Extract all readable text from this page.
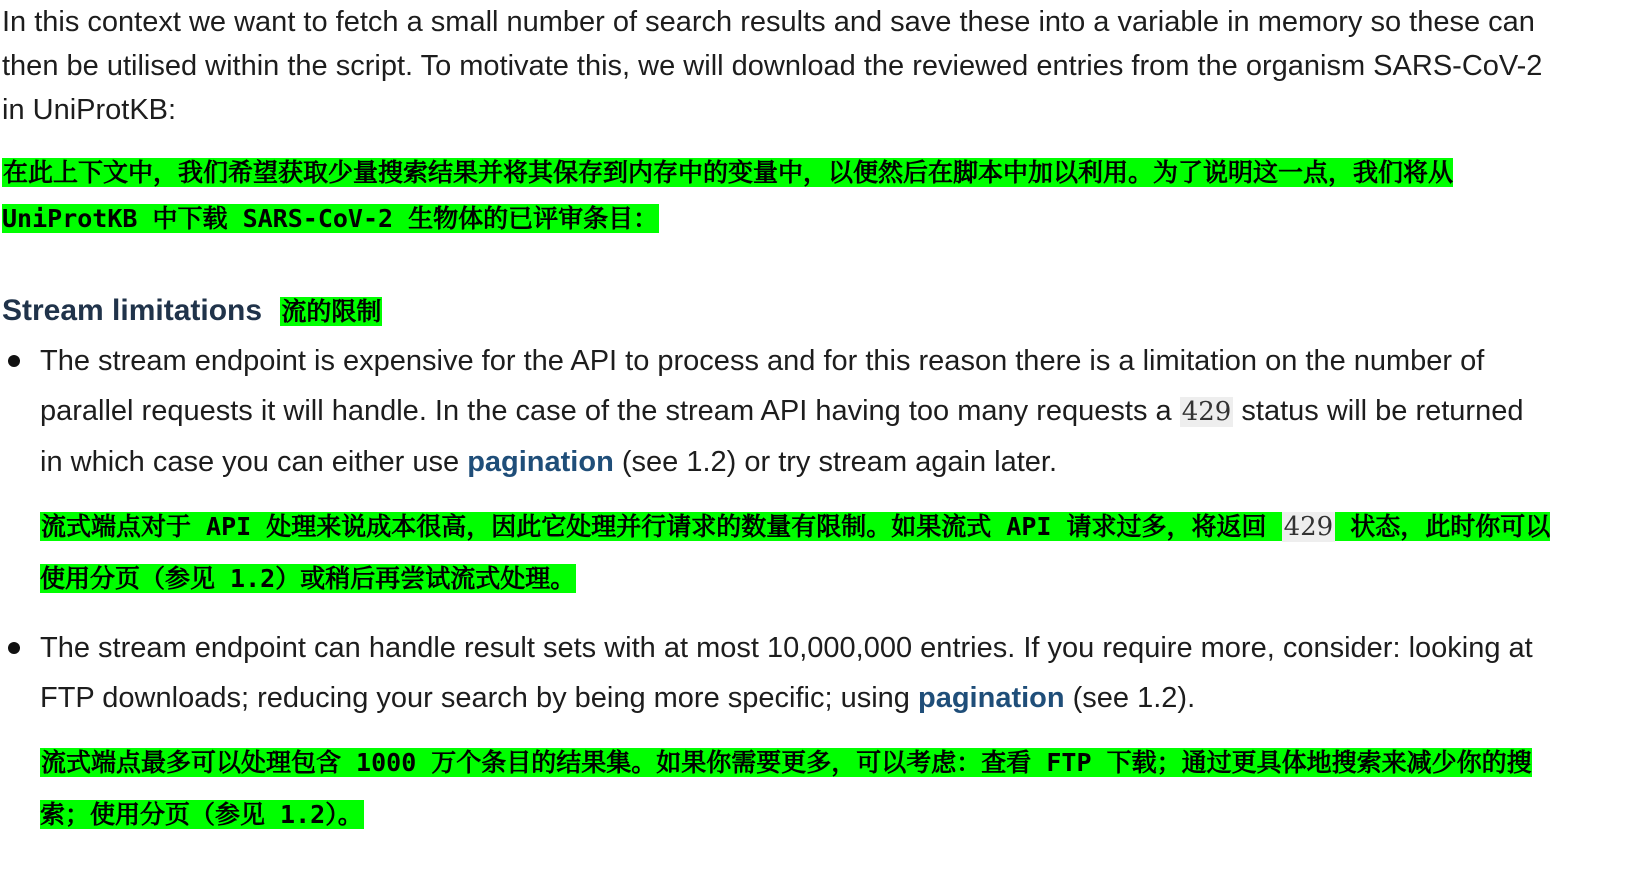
In this context we want to fetch a small number of search results and save these into a variable in memory so these can then be utilised within the script. To motivate this, we will download the reviewed entries from the organism SARS-CoV-2 in UniProtKB:

在此上下文中，我们希望获取少量搜索结果并将其保存到内存中的变量中，以便然后在脚本中加以利用。为了说明这一点，我们将从 UniProtKB 中下载 SARS-CoV-2 生物体的已评审条目：

Stream limitations 流的限制

The stream endpoint is expensive for the API to process and for this reason there is a limitation on the number of parallel requests it will handle. In the case of the stream API having too many requests a 429 status will be returned in which case you can either use pagination (see 1.2) or try stream again later.

流式端点对于 API 处理来说成本很高，因此它处理并行请求的数量有限制。如果流式 API 请求过多，将返回 429 状态，此时你可以使用分页（参见 1.2）或稍后再尝试流式处理。

The stream endpoint can handle result sets with at most 10,000,000 entries. If you require more, consider: looking at FTP downloads; reducing your search by being more specific; using pagination (see 1.2).

流式端点最多可以处理包含 1000 万个条目的结果集。如果你需要更多，可以考虑：查看 FTP 下载；通过更具体地搜索来减少你的搜索；使用分页（参见 1.2）。
